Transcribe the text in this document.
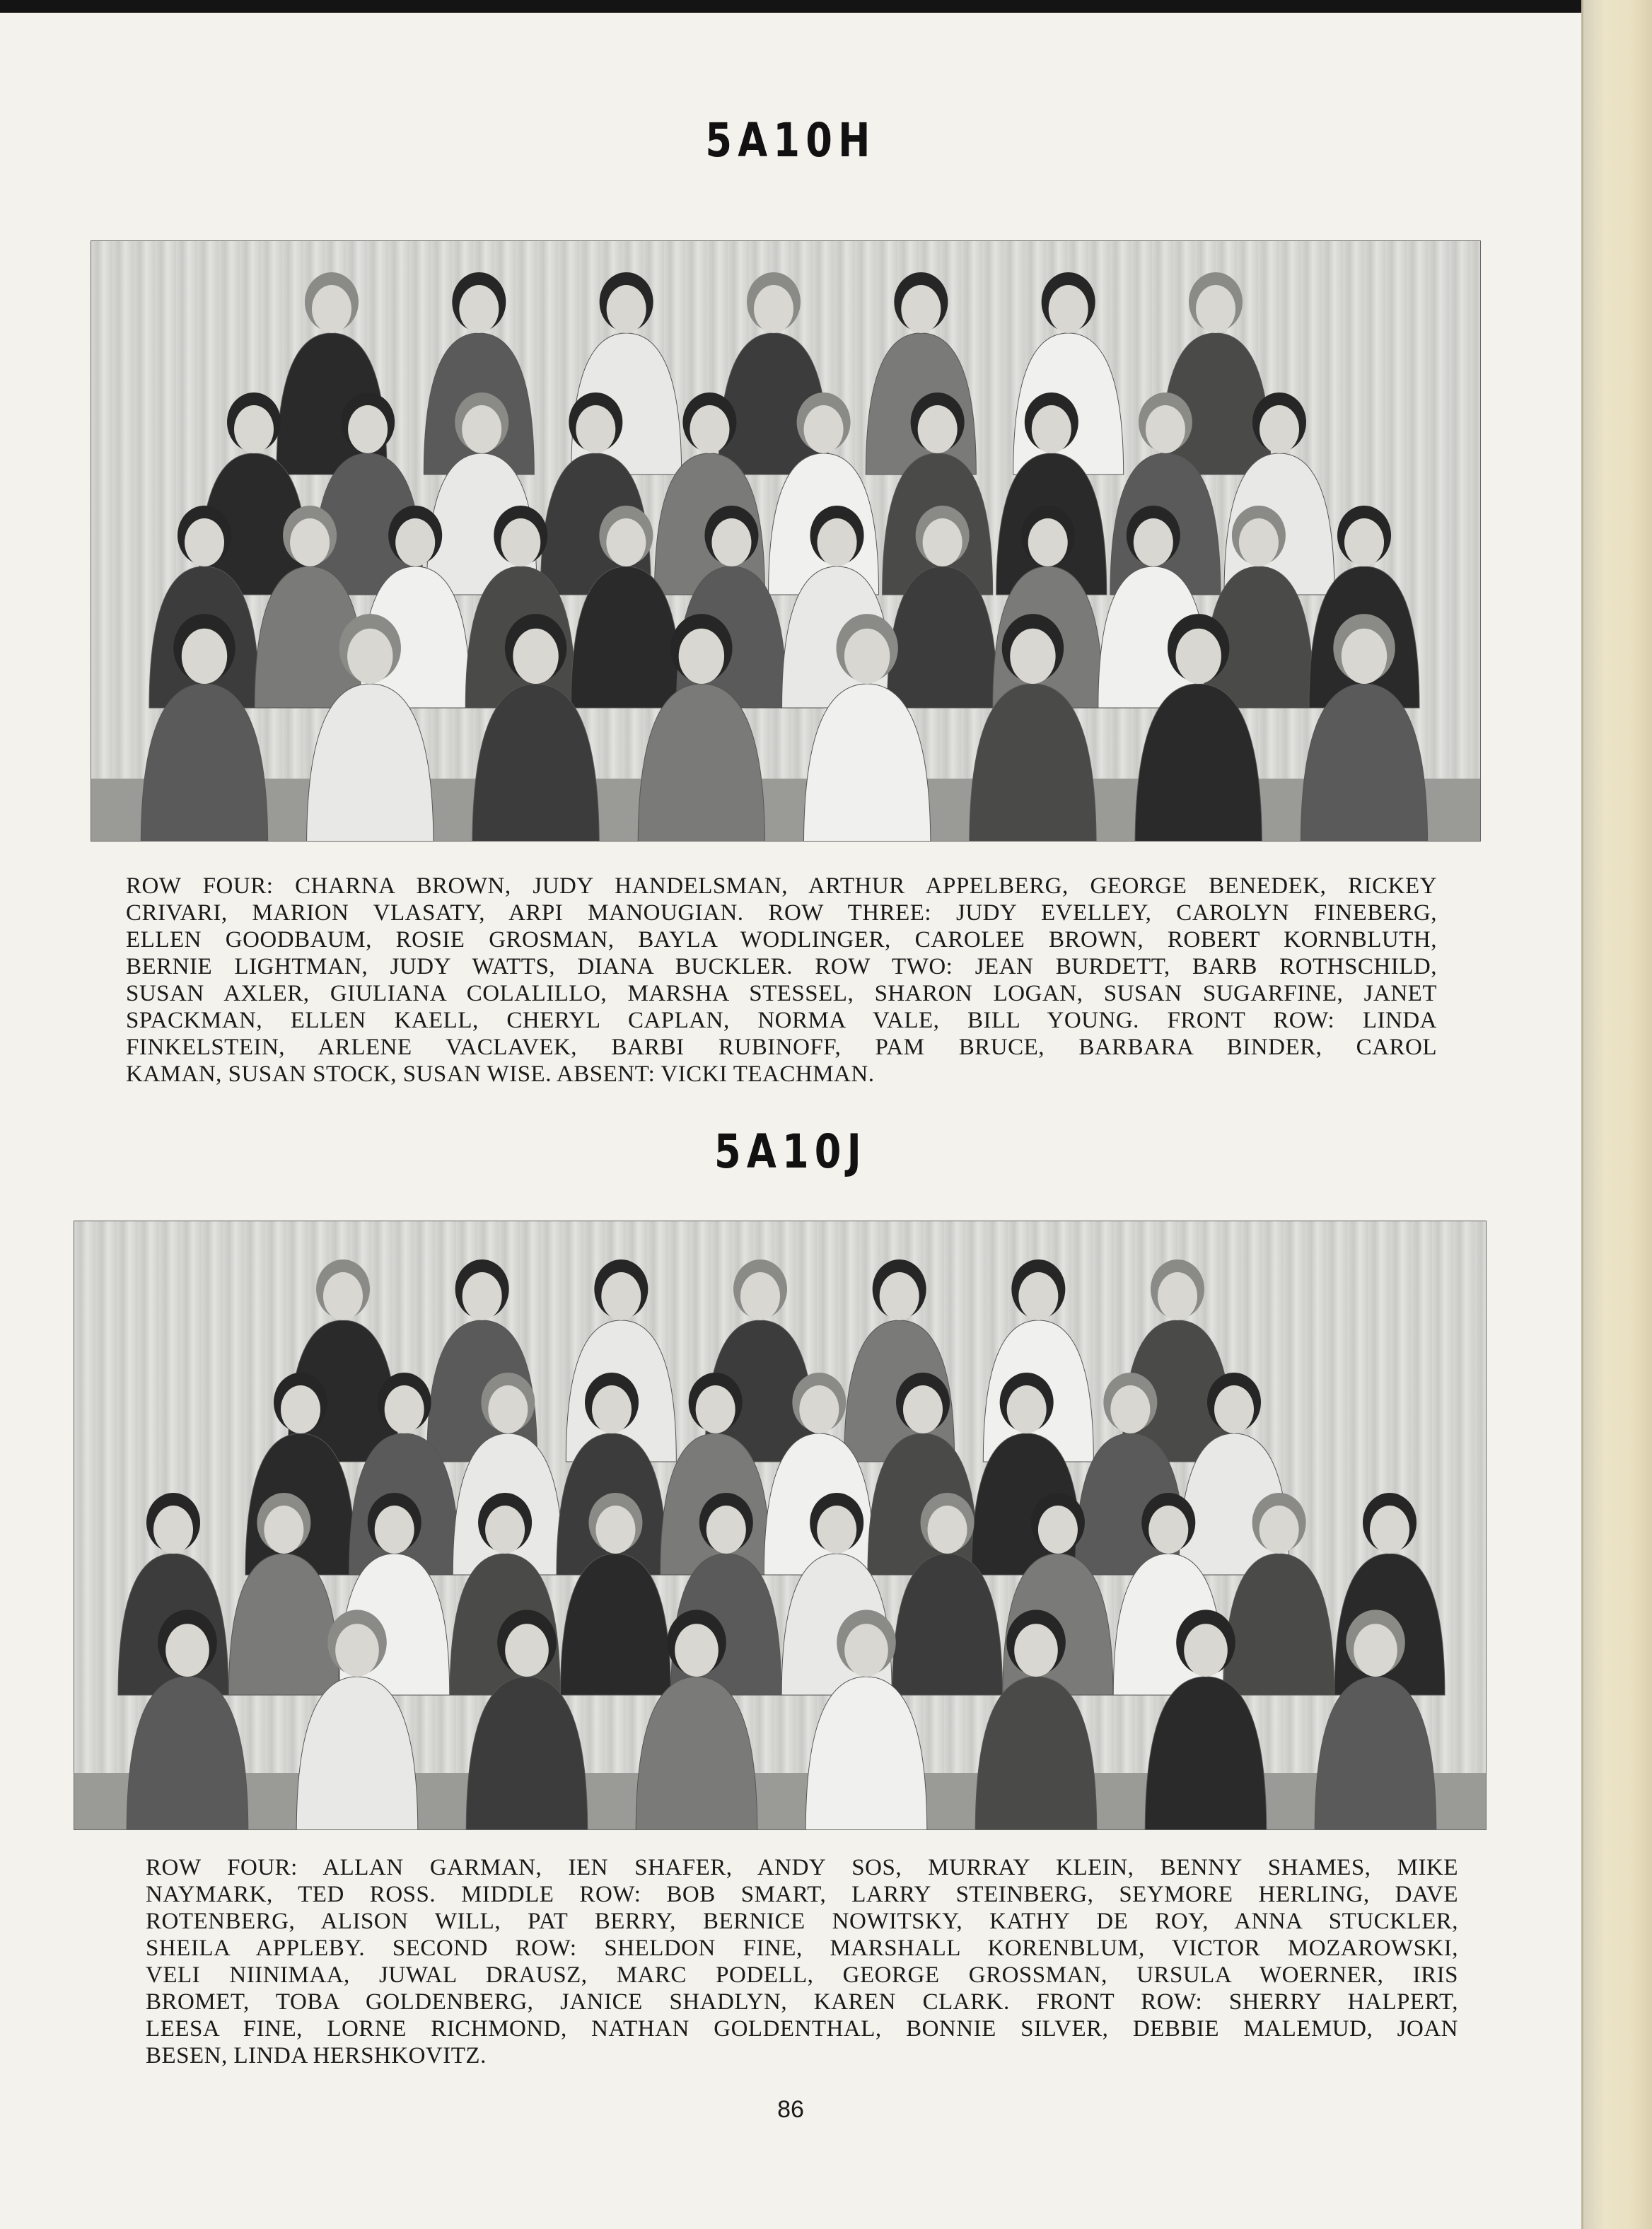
5A10H
ROW FOUR: CHARNA BROWN, JUDY HANDELSMAN, ARTHUR APPELBERG, GEORGE BENEDEK, RICKEY
CRIVARI, MARION VLASATY, ARPI MANOUGIAN. ROW THREE: JUDY EVELLEY, CAROLYN FINEBERG,
ELLEN GOODBAUM, ROSIE GROSMAN, BAYLA WODLINGER, CAROLEE BROWN, ROBERT KORNBLUTH,
BERNIE LIGHTMAN, JUDY WATTS, DIANA BUCKLER. ROW TWO: JEAN BURDETT, BARB ROTHSCHILD,
SUSAN AXLER, GIULIANA COLALILLO, MARSHA STESSEL, SHARON LOGAN, SUSAN SUGARFINE, JANET
SPACKMAN, ELLEN KAELL, CHERYL CAPLAN, NORMA VALE, BILL YOUNG. FRONT ROW: LINDA
FINKELSTEIN, ARLENE VACLAVEK, BARBI RUBINOFF, PAM BRUCE, BARBARA BINDER, CAROL
KAMAN, SUSAN STOCK, SUSAN WISE. ABSENT: VICKI TEACHMAN.
5A10J
ROW FOUR: ALLAN GARMAN, IEN SHAFER, ANDY SOS, MURRAY KLEIN, BENNY SHAMES, MIKE
NAYMARK, TED ROSS. MIDDLE ROW: BOB SMART, LARRY STEINBERG, SEYMORE HERLING, DAVE
ROTENBERG, ALISON WILL, PAT BERRY, BERNICE NOWITSKY, KATHY DE ROY, ANNA STUCKLER,
SHEILA APPLEBY. SECOND ROW: SHELDON FINE, MARSHALL KORENBLUM, VICTOR MOZAROWSKI,
VELI NIINIMAA, JUWAL DRAUSZ, MARC PODELL, GEORGE GROSSMAN, URSULA WOERNER, IRIS
BROMET, TOBA GOLDENBERG, JANICE SHADLYN, KAREN CLARK. FRONT ROW: SHERRY HALPERT,
LEESA FINE, LORNE RICHMOND, NATHAN GOLDENTHAL, BONNIE SILVER, DEBBIE MALEMUD, JOAN
BESEN, LINDA HERSHKOVITZ.
86
